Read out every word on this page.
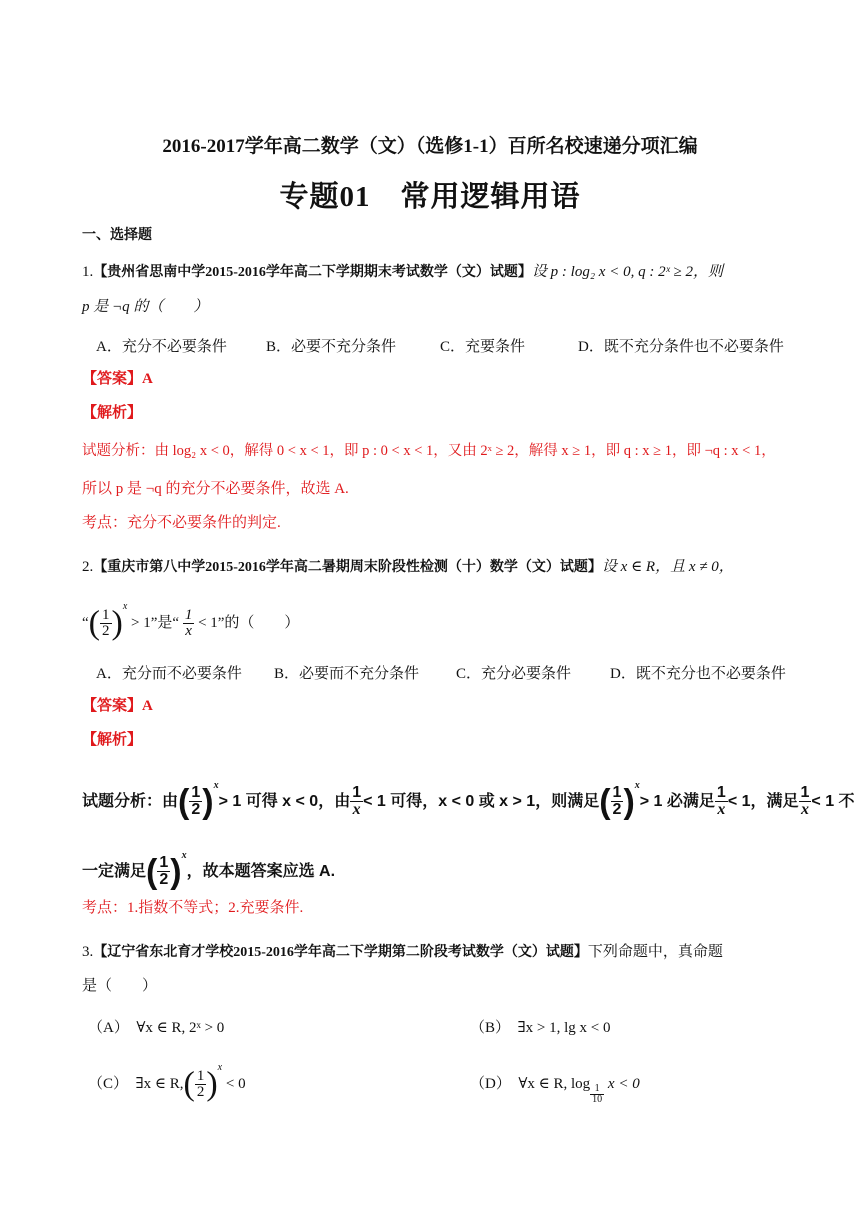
2016-2017学年高二数学（文）（选修1-1）百所名校速递分项汇编
专题01　常用逻辑用语
一、选择题
1.【贵州省思南中学2015-2016学年高二下学期期末考试数学（文）试题】设 p : log₂ x < 0, q : 2ˣ ≥ 2，则
p 是 ¬q 的（　　）
A．充分不必要条件	B．必要不充分条件	C．充要条件	D．既不充分条件也不必要条件
【答案】A
【解析】
试题分析：由 log₂ x < 0，解得 0 < x < 1，即 p : 0 < x < 1，又由 2ˣ ≥ 2，解得 x ≥ 1，即 q : x ≥ 1，即 ¬q : x < 1，
所以 p 是 ¬q 的充分不必要条件，故选 A.
考点：充分不必要条件的判定.
2.【重庆市第八中学2015-2016学年高二暑期周末阶段性检测（十）数学（文）试题】设 x ∈ R，且 x ≠ 0，
“( $\frac{1}{2} )^x > 1$”是“ $\frac{1}{x} < 1$”的（　　）
A．充分而不必要条件 B．必要而不充分条件 C．充分必要条件	D．既不充分也不必要条件
【答案】A
【解析】
试题分析：由( $\frac{1}{2} )^x> 1$ 可得 x < 0，由 $\frac{1}{x} < 1$ 可得，x < 0 或 x > 1，则满足( $\frac{1}{2} )^x> 1$ 必满足 $\frac{1}{x} < 1$，满足 $\frac{1}{x} < 1$ 不
一定满足( $\frac{1}{2} )^x$，故本题答案应选 A.
考点：1.指数不等式；2.充要条件.
3.【辽宁省东北育才学校2015-2016学年高二下学期第二阶段考试数学（文）试题】下列命题中，真命题
是（　　）
（A）　∀x ∈ R, 2ˣ > 0	（B）　∃x > 1, lg x < 0
（C）　∃x ∈ $R,( \frac{1}{2} )^x < 0$	（D）　∀x ∈ R, $\log \frac{1}{10}$ x < 0
